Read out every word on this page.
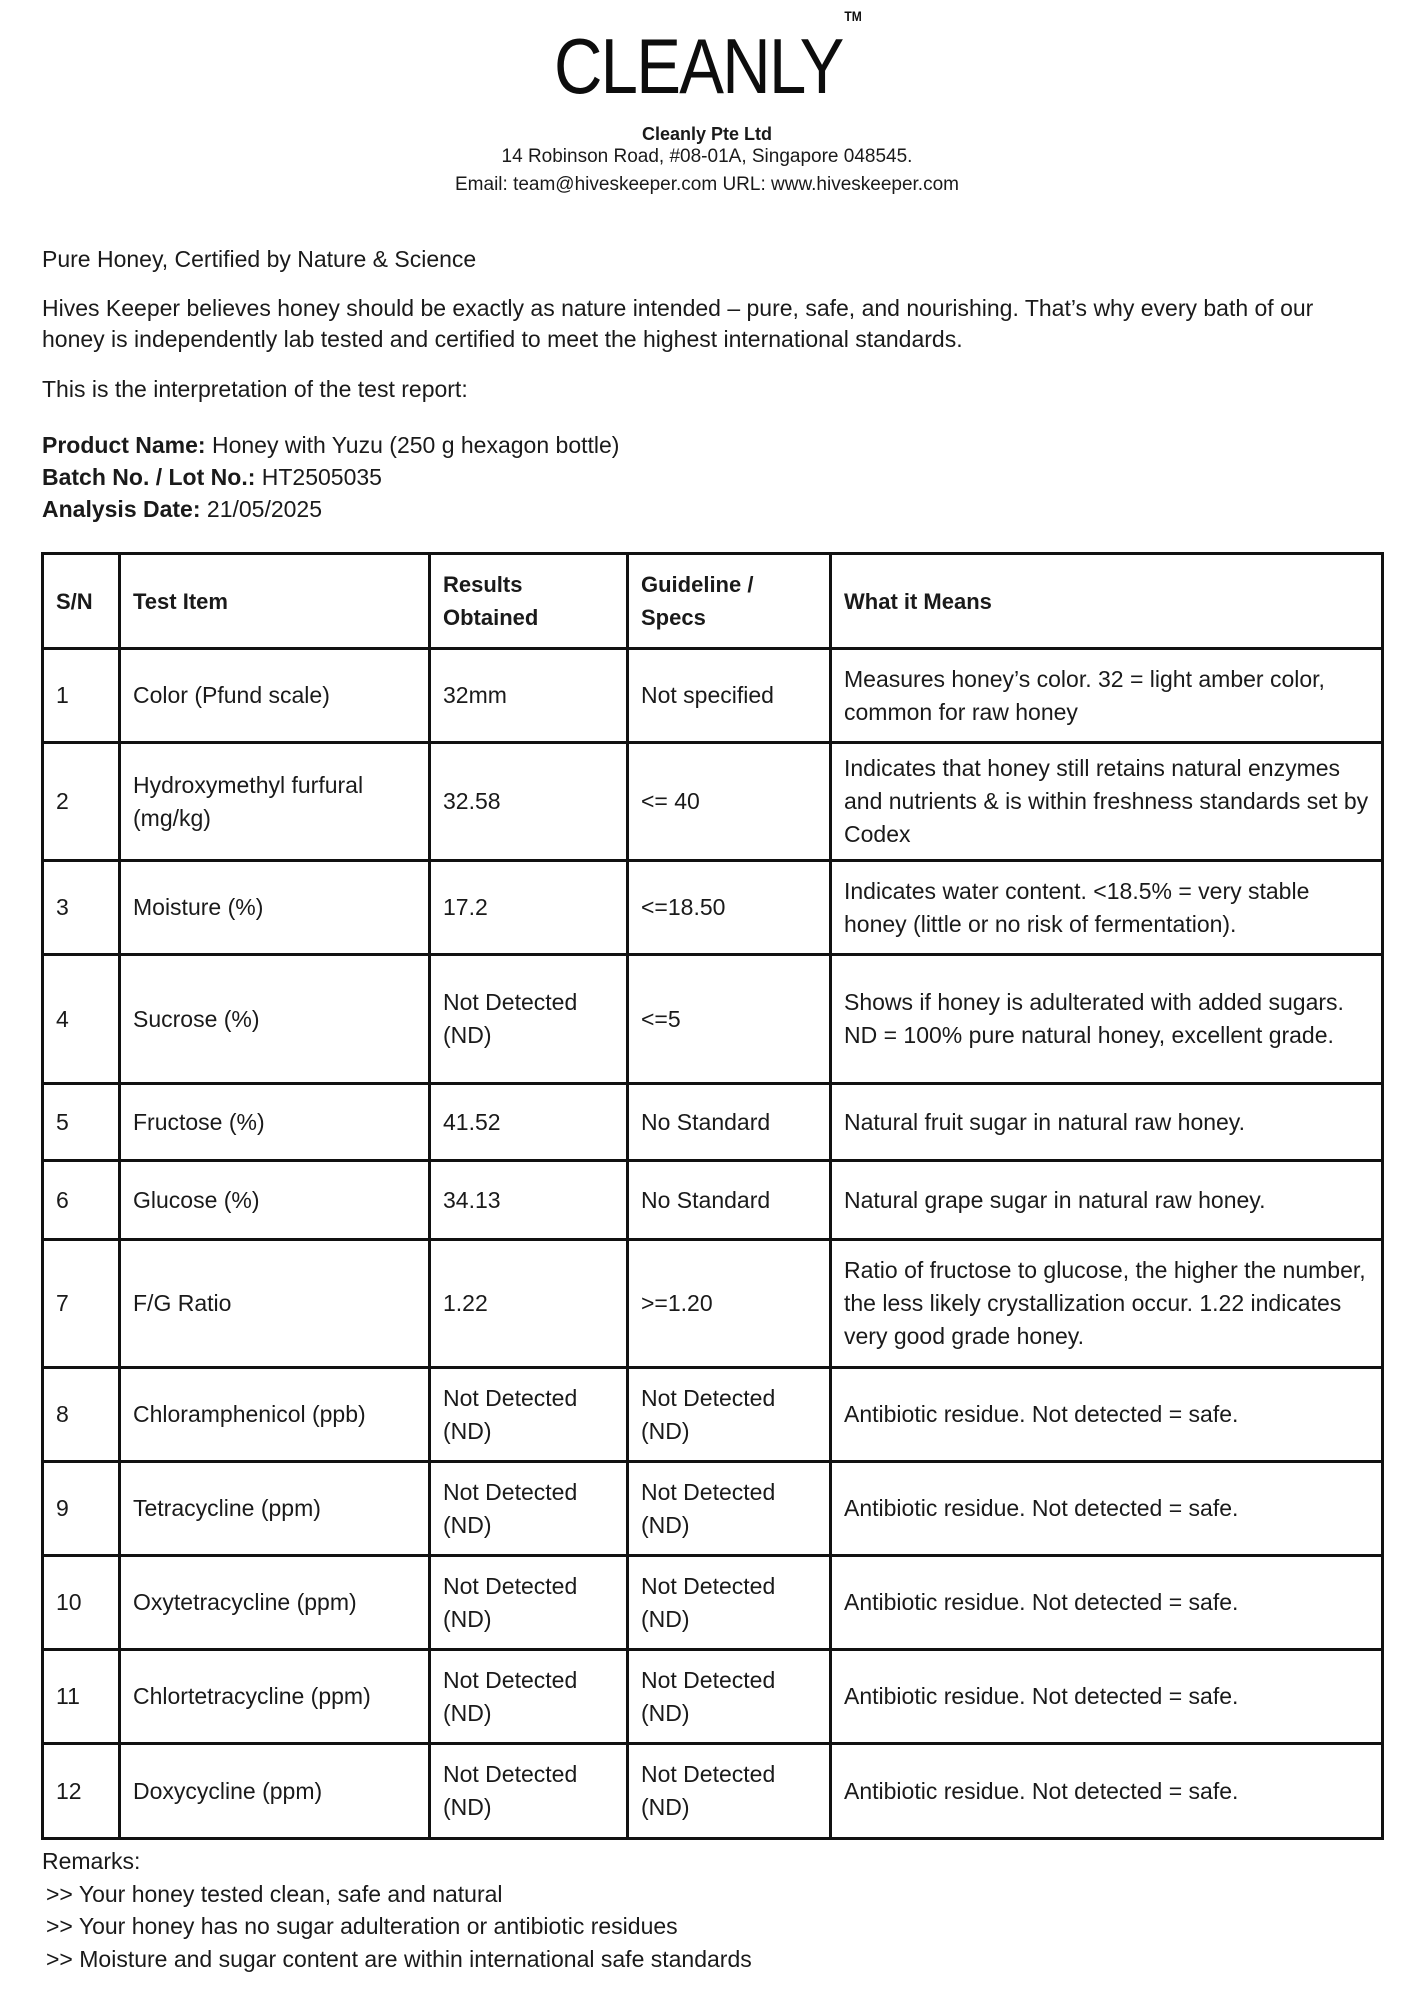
CLEANLY™
Cleanly Pte Ltd
14 Robinson Road, #08-01A, Singapore 048545.
Email: team@hiveskeeper.com URL: www.hiveskeeper.com
Pure Honey, Certified by Nature & Science
Hives Keeper believes honey should be exactly as nature intended – pure, safe, and nourishing. That’s why every bath of our honey is independently lab tested and certified to meet the highest international standards.
This is the interpretation of the test report:
Product Name: Honey with Yuzu (250 g hexagon bottle)
Batch No. / Lot No.: HT2505035
Analysis Date: 21/05/2025
S/N	Test Item	Results Obtained	Guideline / Specs	What it Means
1	Color (Pfund scale)	32mm	Not specified	Measures honey’s color. 32 = light amber color, common for raw honey
2	Hydroxymethyl furfural (mg/kg)	32.58	<= 40	Indicates that honey still retains natural enzymes and nutrients & is within freshness standards set by Codex
3	Moisture (%)	17.2	<=18.50	Indicates water content. <18.5% = very stable honey (little or no risk of fermentation).
4	Sucrose (%)	Not Detected (ND)	<=5	Shows if honey is adulterated with added sugars. ND = 100% pure natural honey, excellent grade.
5	Fructose (%)	41.52	No Standard	Natural fruit sugar in natural raw honey.
6	Glucose (%)	34.13	No Standard	Natural grape sugar in natural raw honey.
7	F/G Ratio	1.22	>=1.20	Ratio of fructose to glucose, the higher the number, the less likely crystallization occur. 1.22 indicates very good grade honey.
8	Chloramphenicol (ppb)	Not Detected (ND)	Not Detected (ND)	Antibiotic residue. Not detected = safe.
9	Tetracycline (ppm)	Not Detected (ND)	Not Detected (ND)	Antibiotic residue. Not detected = safe.
10	Oxytetracycline (ppm)	Not Detected (ND)	Not Detected (ND)	Antibiotic residue. Not detected = safe.
11	Chlortetracycline (ppm)	Not Detected (ND)	Not Detected (ND)	Antibiotic residue. Not detected = safe.
12	Doxycycline (ppm)	Not Detected (ND)	Not Detected (ND)	Antibiotic residue. Not detected = safe.
Remarks:
>> Your honey tested clean, safe and natural
>> Your honey has no sugar adulteration or antibiotic residues
>> Moisture and sugar content are within international safe standards
